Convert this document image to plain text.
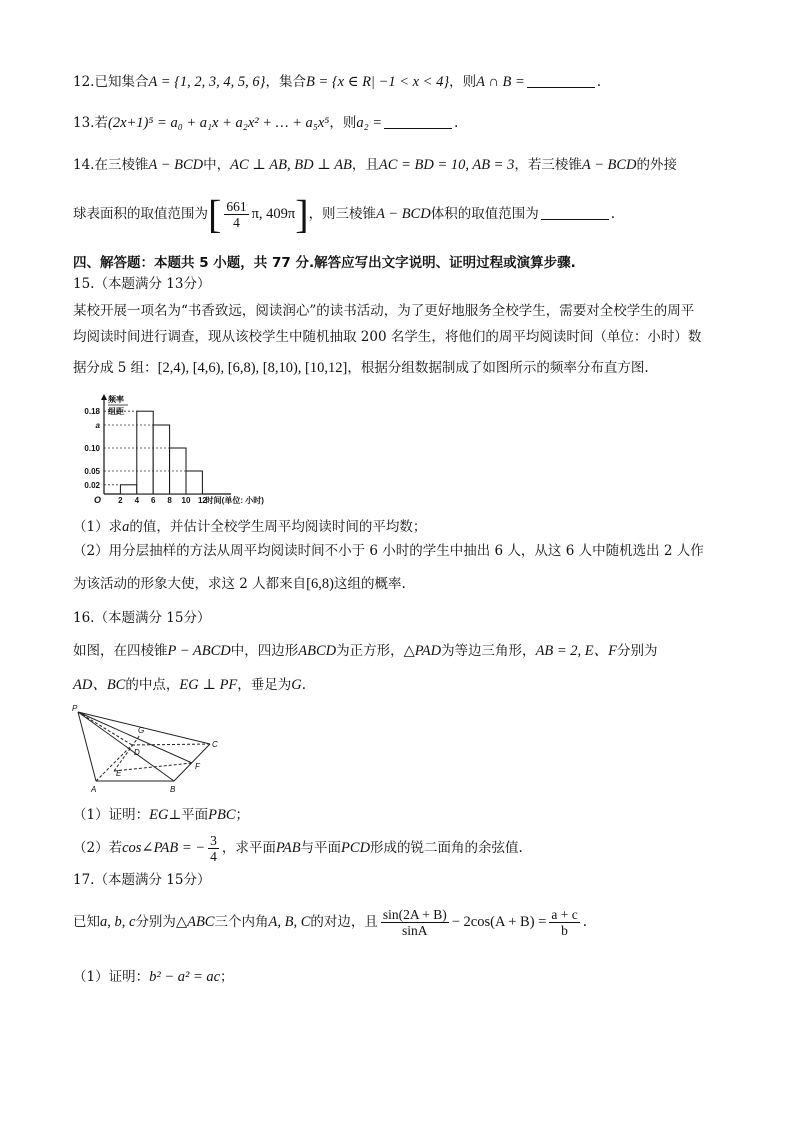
12.已知集合A = {1, 2, 3, 4, 5, 6}，集合B = {x ∈ R| −1 < x < 4}，则A ∩ B =	.
13.若(2x+1)⁵ = a₀ + a₁x + a₂x² + … + a₅x⁵，则a₂ =	.
14.在三棱锥A − BCD中，AC ⊥ AB, BD ⊥ AB，且AC = BD = 10, AB = 3，若三棱锥A − BCD的外接
球表面积的取值范围为[ $\frac{661}{4} \pi$, 409π]，则三棱锥A − BCD体积的取值范围为	.
四、解答题：本题共 5 小题，共 77 分.解答应写出文字说明、证明过程或演算步骤.
15.（本题满分 13分）
某校开展一项名为“书香致远，阅读润心”的读书活动，为了更好地服务全校学生，需要对全校学生的周平
均阅读时间进行调查，现从该校学生中随机抽取 200 名学生，将他们的周平均阅读时间（单位：小时）数
据分成 5 组：[2,4), [4,6), [6,8), [8,10), [10,12]，根据分组数据制成了如图所示的频率分布直方图.
0.18
a
0.10
0.05
0.02
2 4 6 8 10 12
O	时间(单位: 小时)
频率
组距
（1）求a的值，并估计全校学生周平均阅读时间的平均数；
（2）用分层抽样的方法从周平均阅读时间不小于 6 小时的学生中抽出 6 人，从这 6 人中随机选出 2 人作
为该活动的形象大使，求这 2 人都来自[6,8)这组的概率.
16.（本题满分 15分）
如图，在四棱锥P − ABCD中，四边形ABCD为正方形，△PAD为等边三角形，AB = 2, E、F分别为
AD、BC的中点，EG ⊥ PF，垂足为G.
P
G
C
D
F
E
A	B
（1）证明：EG⊥平面PBC；
（2）若cos∠PAB = − $\frac{3}{4}$ ，求平面PAB与平面PCD形成的锐二面角的余弦值.
17.（本题满分 15分）
已知a, b, c分别为△ABC三个内角A, B, C的对边，且 $\frac{\sin(2A + B)}{\sin A} - 2\cos(A + B) = \frac{a + c}{b}$ .
（1）证明：b² − a² = ac；
